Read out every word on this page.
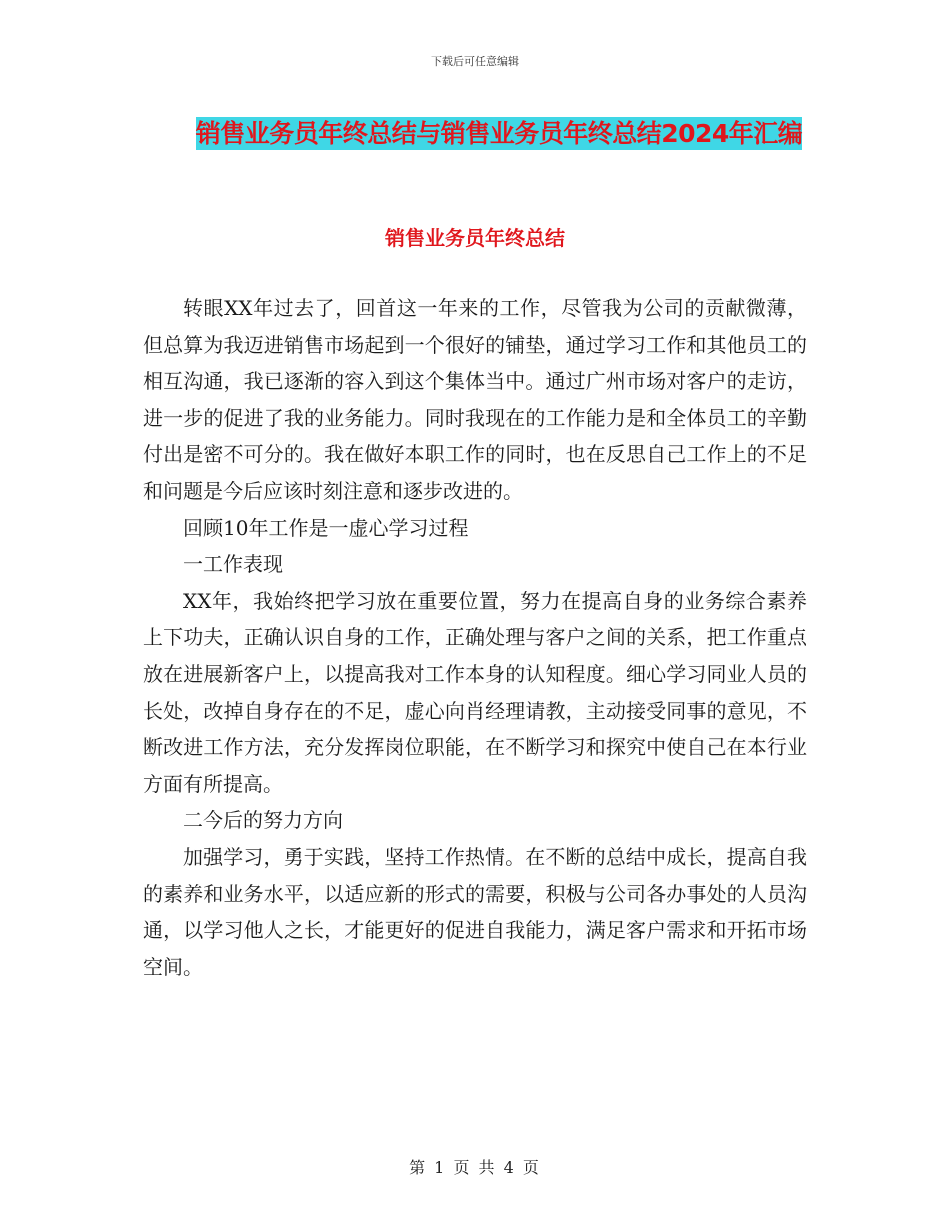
下载后可任意编辑
销售业务员年终总结与销售业务员年终总结2024年汇编
销售业务员年终总结

转眼XX年过去了，回首这一年来的工作，尽管我为公司的贡献微薄，但总算为我迈进销售市场起到一个很好的铺垫，通过学习工作和其他员工的相互沟通，我已逐渐的容入到这个集体当中。通过广州市场对客户的走访，进一步的促进了我的业务能力。同时我现在的工作能力是和全体员工的辛勤付出是密不可分的。我在做好本职工作的同时，也在反思自己工作上的不足和问题是今后应该时刻注意和逐步改进的。

回顾10年工作是一虚心学习过程

一工作表现

XX年，我始终把学习放在重要位置，努力在提高自身的业务综合素养上下功夫，正确认识自身的工作，正确处理与客户之间的关系，把工作重点放在进展新客户上，以提高我对工作本身的认知程度。细心学习同业人员的长处，改掉自身存在的不足，虚心向肖经理请教，主动接受同事的意见，不断改进工作方法，充分发挥岗位职能，在不断学习和探究中使自己在本行业方面有所提高。

二今后的努力方向

加强学习，勇于实践，坚持工作热情。在不断的总结中成长，提高自我的素养和业务水平，以适应新的形式的需要，积极与公司各办事处的人员沟通，以学习他人之长，才能更好的促进自我能力，满足客户需求和开拓市场空间。

第 1 页 共 4 页
